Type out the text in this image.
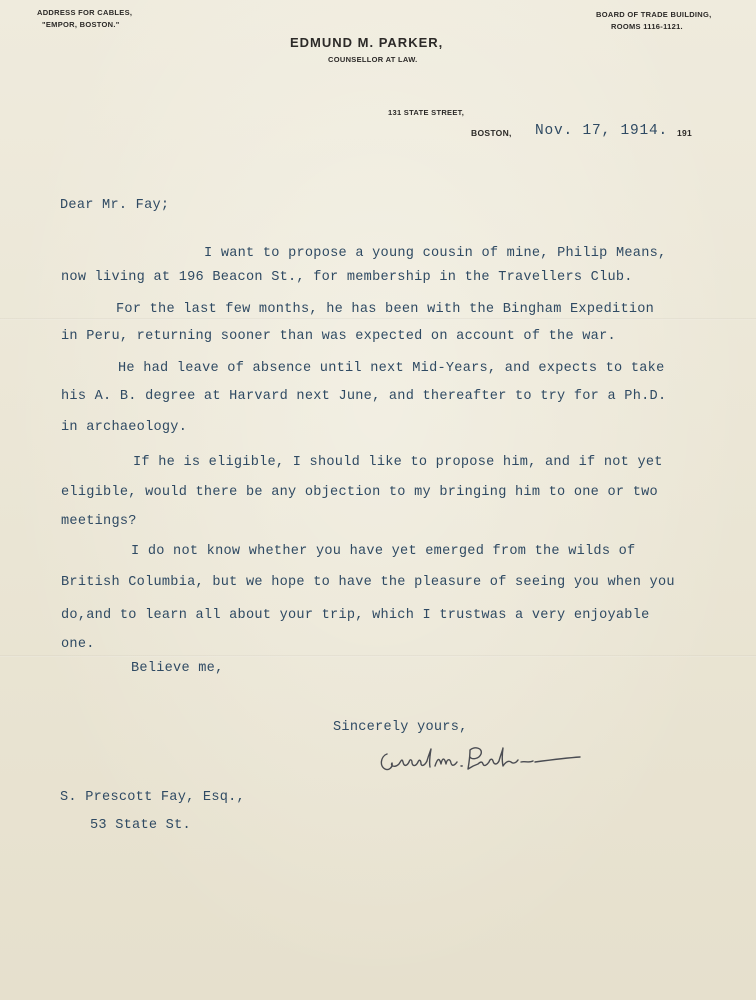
ADDRESS FOR CABLES,
"EMPOR, BOSTON."
BOARD OF TRADE BUILDING,
ROOMS 1116-1121.
EDMUND M. PARKER,
COUNSELLOR AT LAW.
131 STATE STREET,
BOSTON, Nov. 17, 1914. 191
Dear Mr. Fay;
I want to propose a young cousin of mine, Philip Means,
now living at 196 Beacon St., for membership in the Travellers Club.
For the last few months, he has been with the Bingham Expedition
in Peru, returning sooner than was expected on account of the war.
He had leave of absence until next Mid-Years, and expects to take
his A. B. degree at Harvard next June, and thereafter to try for a Ph.D.
in archaeology.
If he is eligible, I should like to propose him, and if not yet
eligible, would there be any objection to my bringing him to one or two
meetings?
I do not know whether you have yet emerged from the wilds of
British Columbia, but we hope to have the pleasure of seeing you when you
do,and to learn all about your trip, which I trustwas a very enjoyable
one.
Believe me,
Sincerely yours,
S. Prescott Fay, Esq.,
53 State St.
